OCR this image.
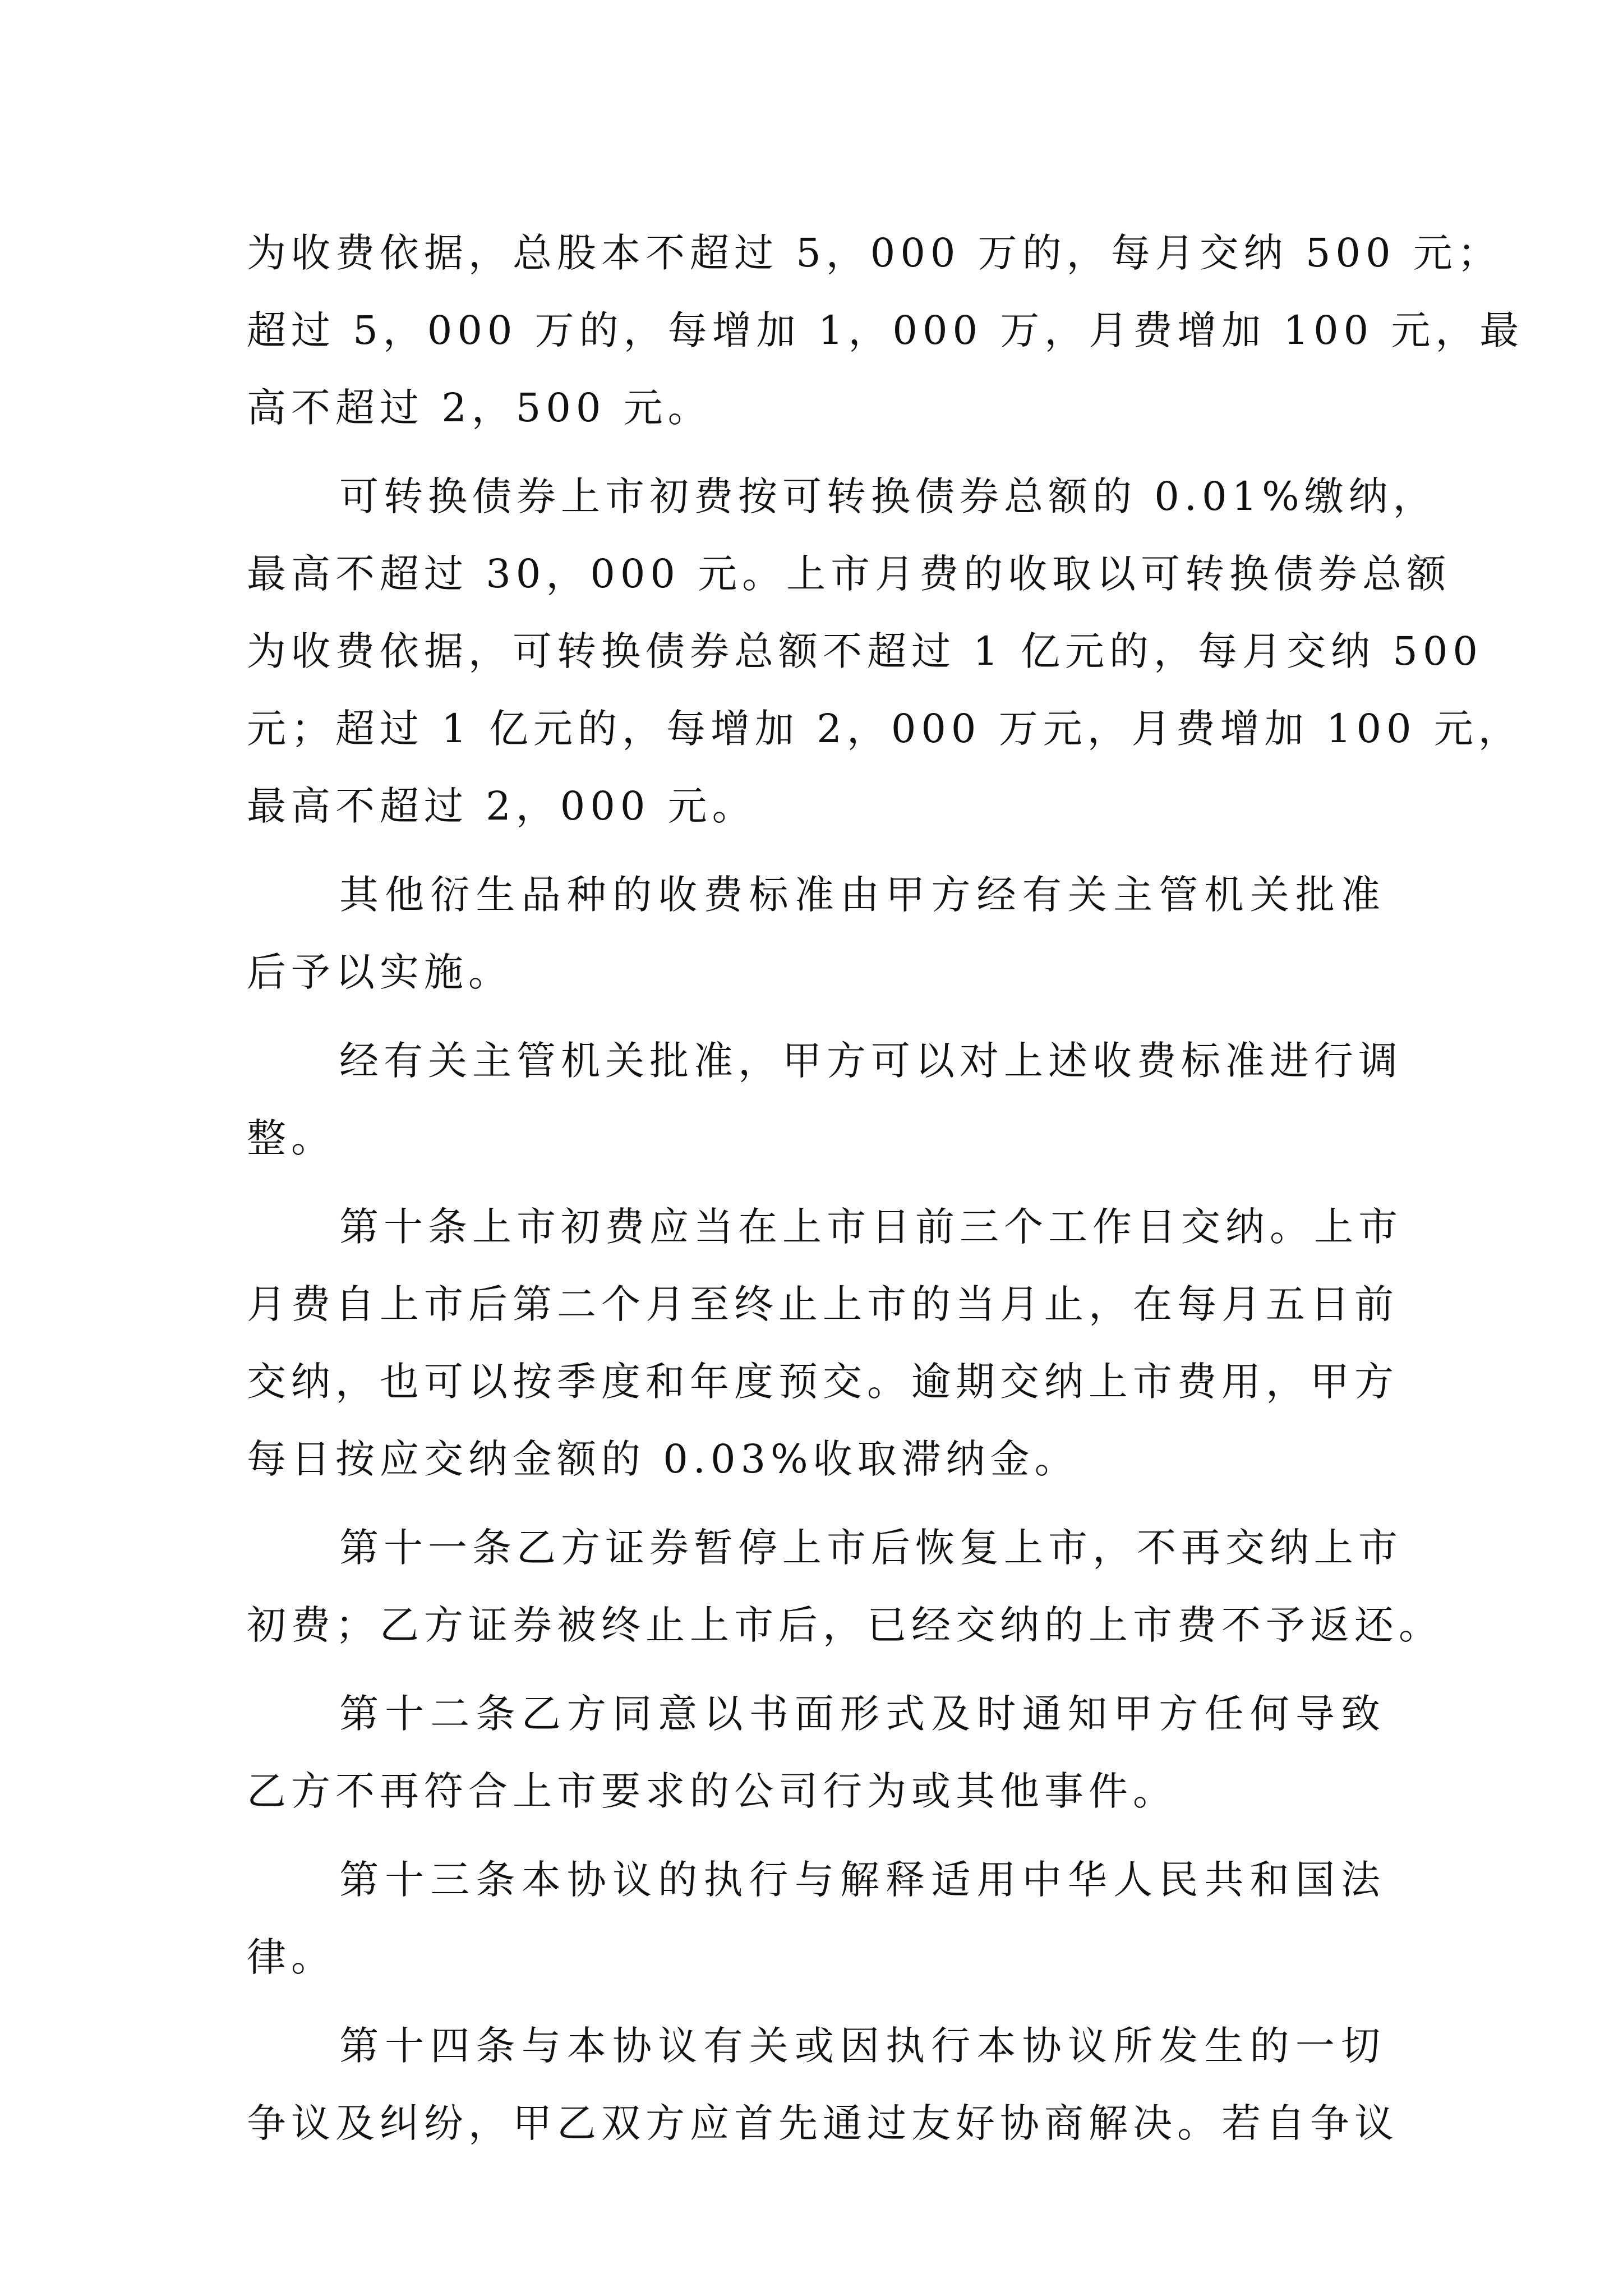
为收费依据，总股本不超过 5，000 万的，每月交纳 500 元；
超过 5，000 万的，每增加 1，000 万，月费增加 100 元，最
高不超过 2，500 元。
可转换债券上市初费按可转换债券总额的 0.01%缴纳，
最高不超过 30，000 元。上市月费的收取以可转换债券总额
为收费依据，可转换债券总额不超过 1 亿元的，每月交纳 500
元；超过 1 亿元的，每增加 2，000 万元，月费增加 100 元，
最高不超过 2，000 元。
其他衍生品种的收费标准由甲方经有关主管机关批准
后予以实施。
经有关主管机关批准，甲方可以对上述收费标准进行调
整。
第十条上市初费应当在上市日前三个工作日交纳。上市
月费自上市后第二个月至终止上市的当月止，在每月五日前
交纳，也可以按季度和年度预交。逾期交纳上市费用，甲方
每日按应交纳金额的 0.03%收取滞纳金。
第十一条乙方证券暂停上市后恢复上市，不再交纳上市
初费；乙方证券被终止上市后，已经交纳的上市费不予返还。
第十二条乙方同意以书面形式及时通知甲方任何导致
乙方不再符合上市要求的公司行为或其他事件。
第十三条本协议的执行与解释适用中华人民共和国法
律。
第十四条与本协议有关或因执行本协议所发生的一切
争议及纠纷，甲乙双方应首先通过友好协商解决。若自争议
